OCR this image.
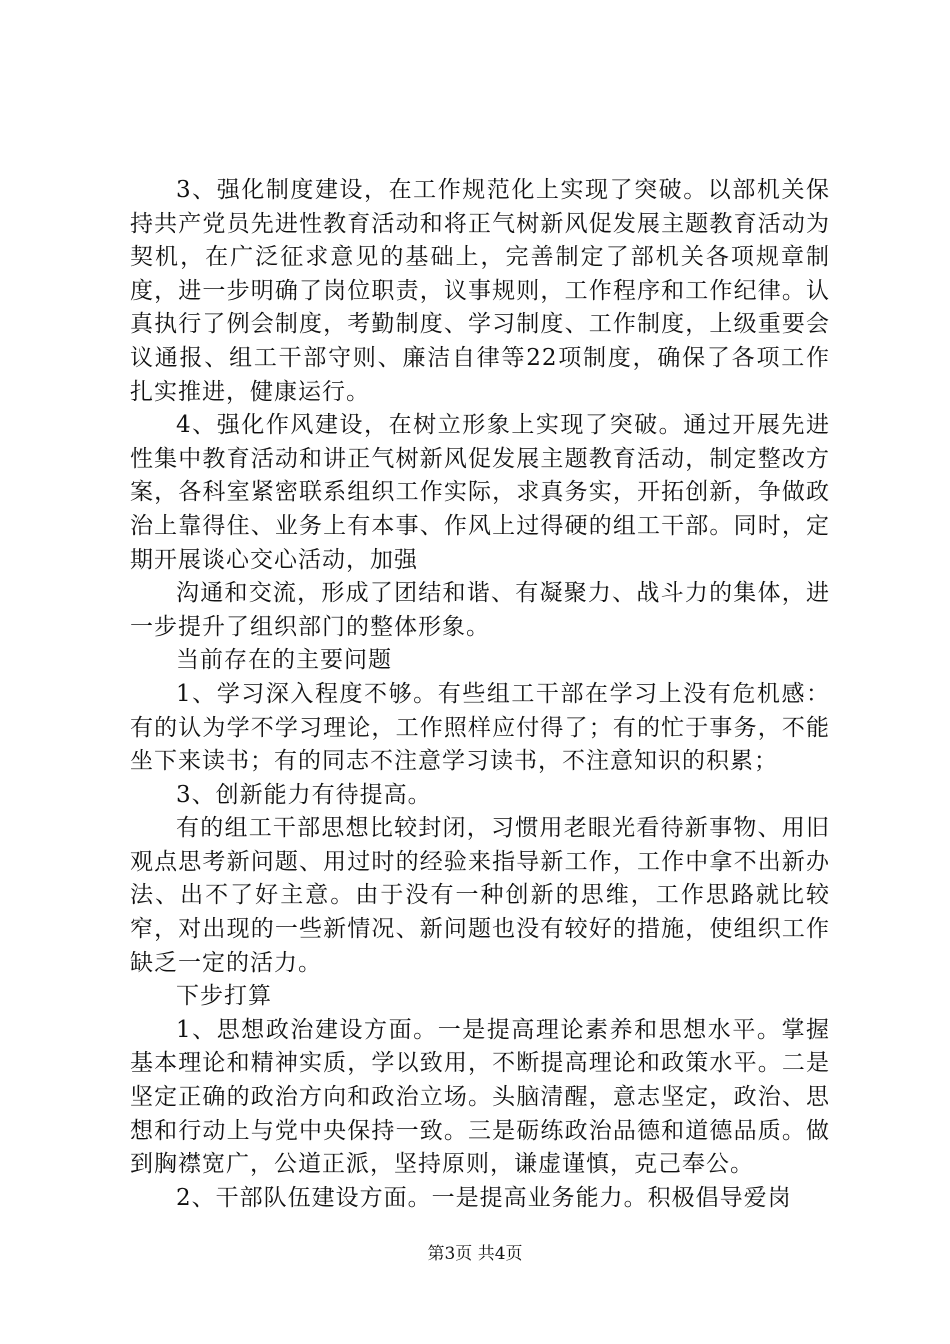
3、强化制度建设，在工作规范化上实现了突破。以部机关保持共产党员先进性教育活动和将正气树新风促发展主题教育活动为契机，在广泛征求意见的基础上，完善制定了部机关各项规章制度，进一步明确了岗位职责，议事规则，工作程序和工作纪律。认真执行了例会制度，考勤制度、学习制度、工作制度，上级重要会议通报、组工干部守则、廉洁自律等22项制度，确保了各项工作扎实推进，健康运行。

4、强化作风建设，在树立形象上实现了突破。通过开展先进性集中教育活动和讲正气树新风促发展主题教育活动，制定整改方案，各科室紧密联系组织工作实际，求真务实，开拓创新，争做政治上靠得住、业务上有本事、作风上过得硬的组工干部。同时，定期开展谈心交心活动，加强

沟通和交流，形成了团结和谐、有凝聚力、战斗力的集体，进一步提升了组织部门的整体形象。

当前存在的主要问题

1、学习深入程度不够。有些组工干部在学习上没有危机感：有的认为学不学习理论，工作照样应付得了；有的忙于事务，不能坐下来读书；有的同志不注意学习读书，不注意知识的积累；

3、创新能力有待提高。

有的组工干部思想比较封闭，习惯用老眼光看待新事物、用旧观点思考新问题、用过时的经验来指导新工作，工作中拿不出新办法、出不了好主意。由于没有一种创新的思维，工作思路就比较窄，对出现的一些新情况、新问题也没有较好的措施，使组织工作缺乏一定的活力。

下步打算

1、思想政治建设方面。一是提高理论素养和思想水平。掌握基本理论和精神实质，学以致用，不断提高理论和政策水平。二是坚定正确的政治方向和政治立场。头脑清醒，意志坚定，政治、思想和行动上与党中央保持一致。三是砺练政治品德和道德品质。做到胸襟宽广，公道正派，坚持原则，谦虚谨慎，克己奉公。

2、干部队伍建设方面。一是提高业务能力。积极倡导爱岗

第3页 共4页
